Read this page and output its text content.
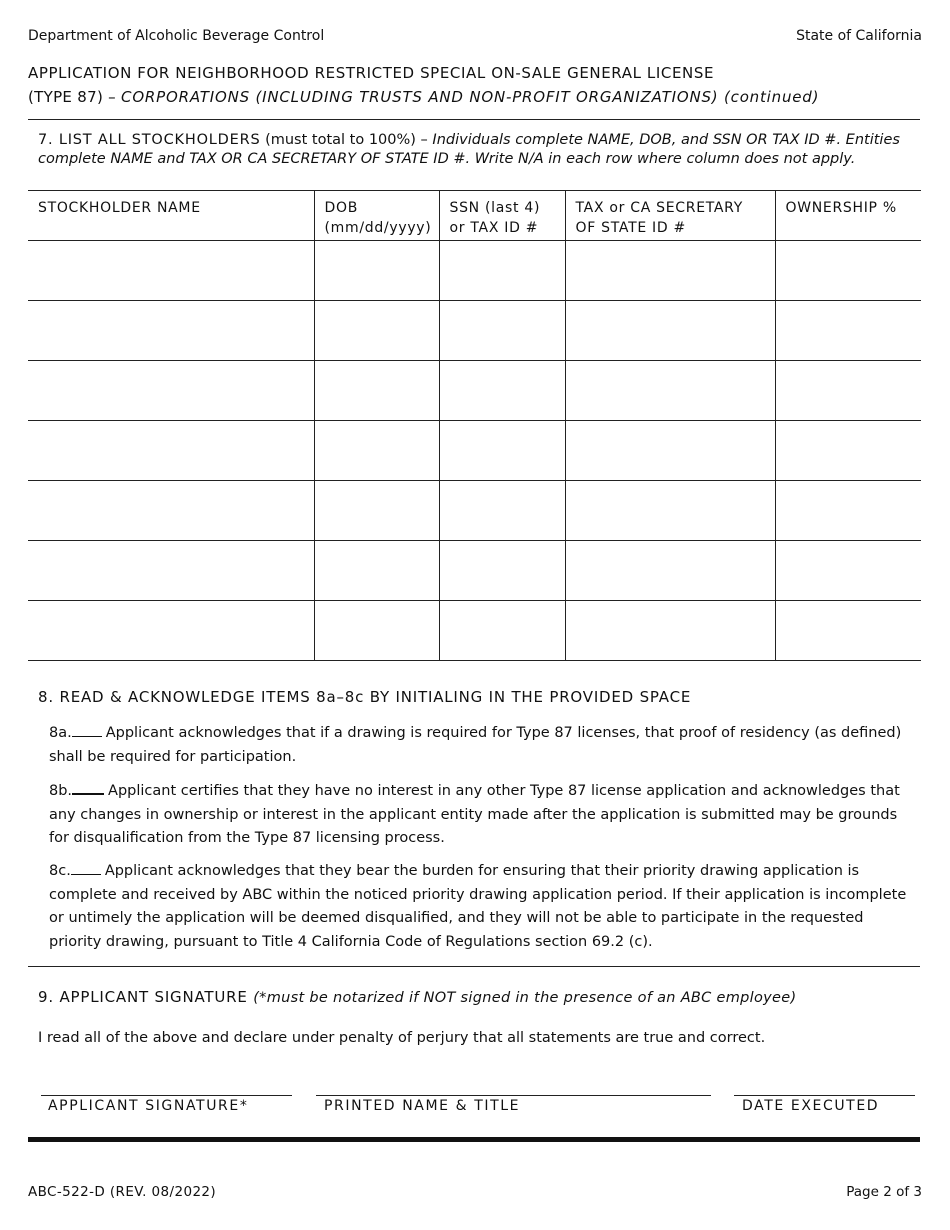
Department of Alcoholic Beverage Control	State of California
APPLICATION FOR NEIGHBORHOOD RESTRICTED SPECIAL ON-SALE GENERAL LICENSE
(TYPE 87) – CORPORATIONS (INCLUDING TRUSTS AND NON-PROFIT ORGANIZATIONS) (continued)
7. LIST ALL STOCKHOLDERS (must total to 100%) – Individuals complete NAME, DOB, and SSN OR TAX ID #. Entities complete NAME and TAX OR CA SECRETARY OF STATE ID #. Write N/A in each row where column does not apply.
STOCKHOLDER NAME	DOB (mm/dd/yyyy)	SSN (last 4) or TAX ID #	TAX or CA SECRETARY OF STATE ID #	OWNERSHIP %

8. READ & ACKNOWLEDGE ITEMS 8a–8c BY INITIALING IN THE PROVIDED SPACE
8a. Applicant acknowledges that if a drawing is required for Type 87 licenses, that proof of residency (as defined) shall be required for participation.
8b. Applicant certifies that they have no interest in any other Type 87 license application and acknowledges that any changes in ownership or interest in the applicant entity made after the application is submitted may be grounds for disqualification from the Type 87 licensing process.
8c. Applicant acknowledges that they bear the burden for ensuring that their priority drawing application is complete and received by ABC within the noticed priority drawing application period. If their application is incomplete or untimely the application will be deemed disqualified, and they will not be able to participate in the requested priority drawing, pursuant to Title 4 California Code of Regulations section 69.2 (c).
9. APPLICANT SIGNATURE (*must be notarized if NOT signed in the presence of an ABC employee)
I read all of the above and declare under penalty of perjury that all statements are true and correct.
APPLICANT SIGNATURE*	PRINTED NAME & TITLE	DATE EXECUTED
ABC-522-D (REV. 08/2022)	Page 2 of 3
